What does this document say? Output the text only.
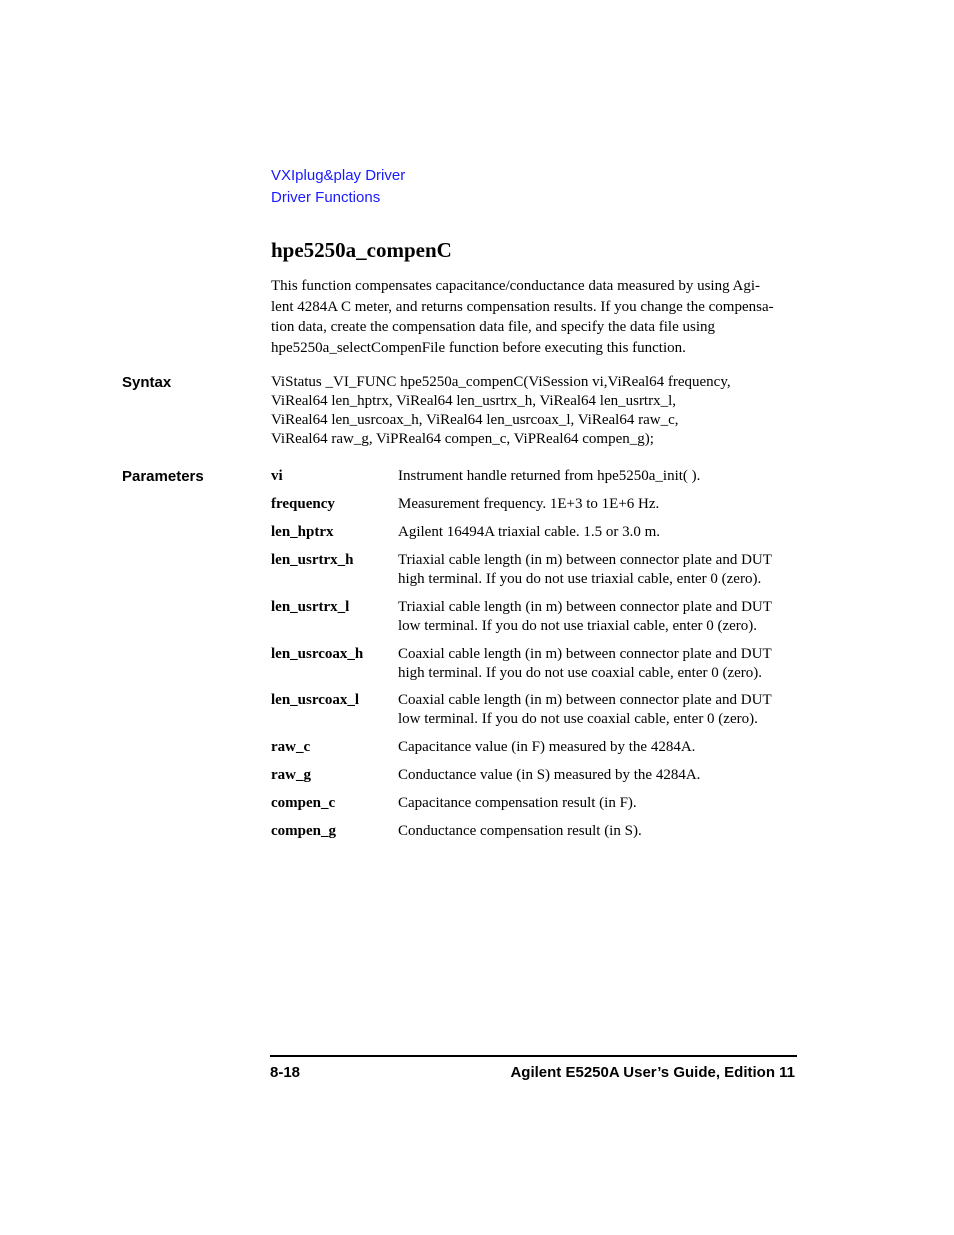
VXIplug&play Driver
Driver Functions
hpe5250a_compenC

This function compensates capacitance/conductance data measured by using Agi-
lent 4284A C meter, and returns compensation results. If you change the compensa-
tion data, create the compensation data file, and specify the data file using
hpe5250a_selectCompenFile function before executing this function.

Syntax	ViStatus _VI_FUNC hpe5250a_compenC(ViSession vi,ViReal64 frequency,
ViReal64 len_hptrx, ViReal64 len_usrtrx_h, ViReal64 len_usrtrx_l,
ViReal64 len_usrcoax_h, ViReal64 len_usrcoax_l, ViReal64 raw_c,
ViReal64 raw_g, ViPReal64 compen_c, ViPReal64 compen_g);
Parameters	vi	Instrument handle returned from hpe5250a_init( ).
frequency	Measurement frequency. 1E+3 to 1E+6 Hz.
len_hptrx	Agilent 16494A triaxial cable. 1.5 or 3.0 m.
len_usrtrx_h	Triaxial cable length (in m) between connector plate and DUT
high terminal. If you do not use triaxial cable, enter 0 (zero).
len_usrtrx_l	Triaxial cable length (in m) between connector plate and DUT
low terminal. If you do not use triaxial cable, enter 0 (zero).
len_usrcoax_h Coaxial cable length (in m) between connector plate and DUT
high terminal. If you do not use coaxial cable, enter 0 (zero).
len_usrcoax_l	Coaxial cable length (in m) between connector plate and DUT
low terminal. If you do not use coaxial cable, enter 0 (zero).
raw_c	Capacitance value (in F) measured by the 4284A.
raw_g	Conductance value (in S) measured by the 4284A.
compen_c	Capacitance compensation result (in F).
compen_g	Conductance compensation result (in S).
8-18	Agilent E5250A User’s Guide, Edition 11
